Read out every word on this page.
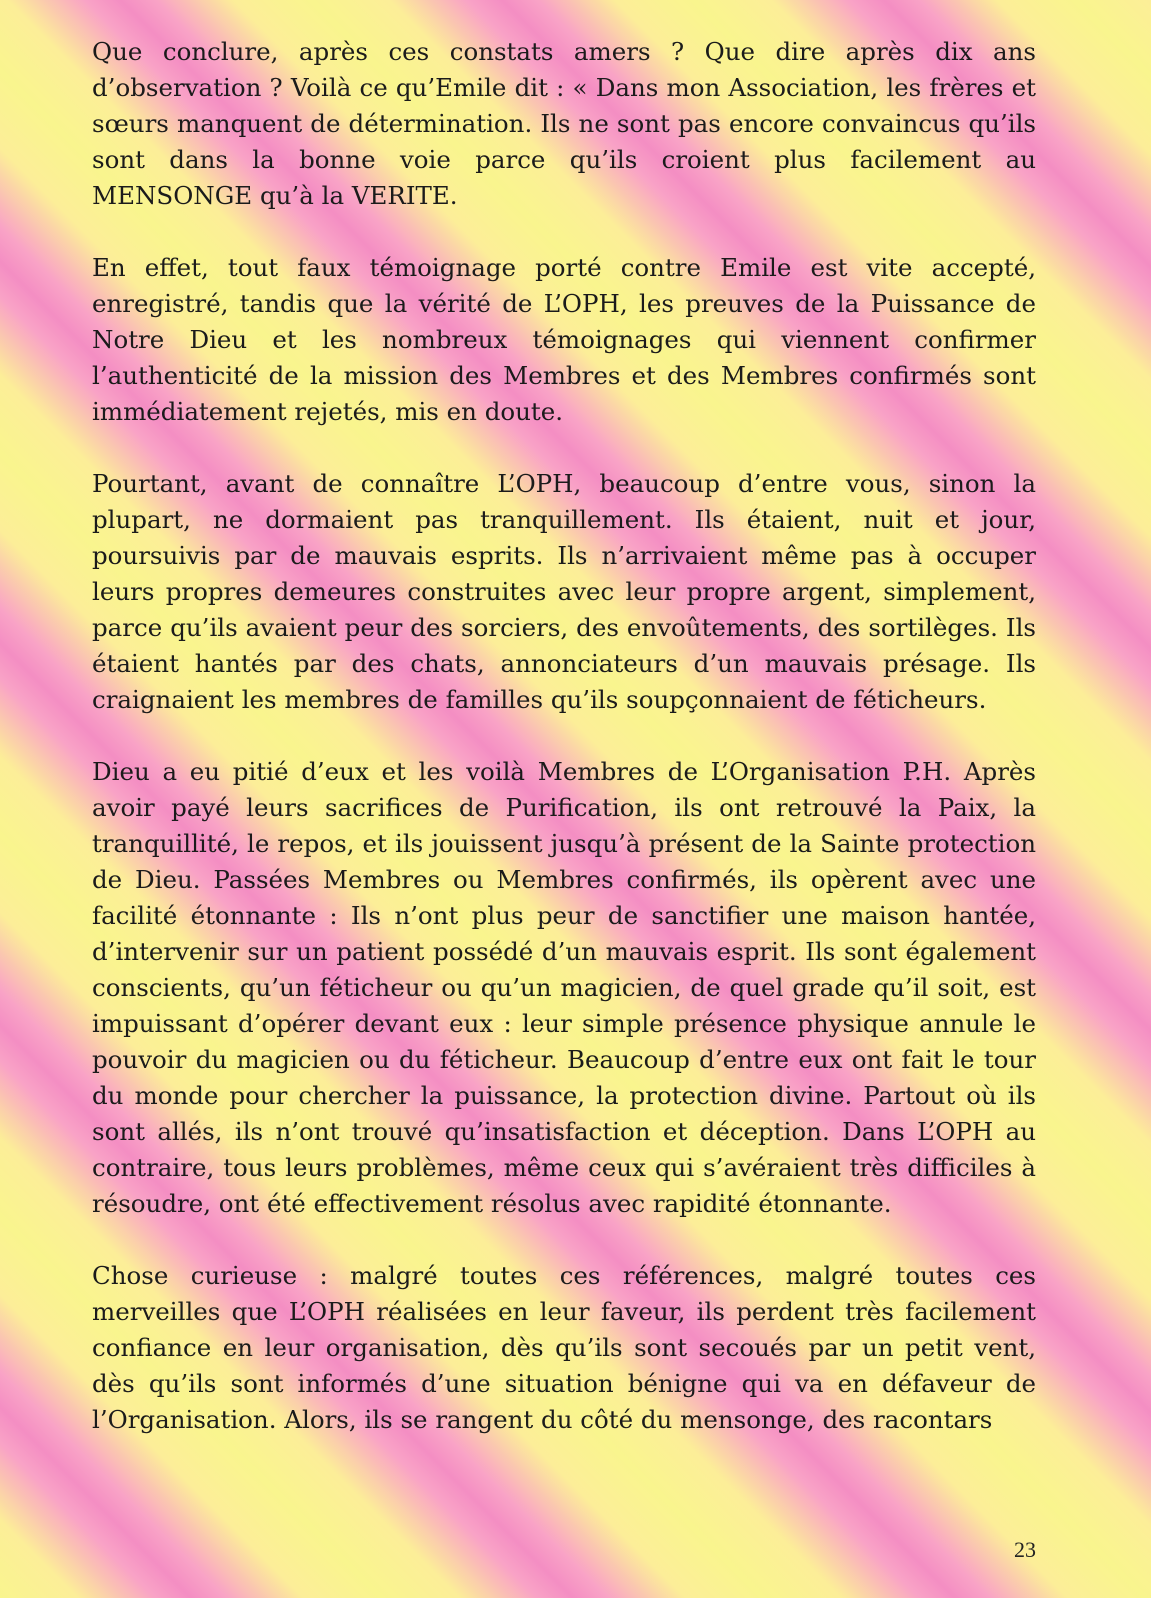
Que conclure, après ces constats amers ? Que dire après dix ans d’observation ? Voilà ce qu’Emile dit : « Dans mon Association, les frères et sœurs manquent de détermination. Ils ne sont pas encore convaincus qu’ils sont dans la bonne voie parce qu’ils croient plus facilement au MENSONGE qu’à la VERITE.

En effet, tout faux témoignage porté contre Emile est vite accepté, enregistré, tandis que la vérité de L’OPH, les preuves de la Puissance de Notre Dieu et les nombreux témoignages qui viennent confirmer l’authenticité de la mission des Membres et des Membres confirmés sont immédiatement rejetés, mis en doute.

Pourtant, avant de connaître L’OPH, beaucoup d’entre vous, sinon la plupart, ne dormaient pas tranquillement. Ils étaient, nuit et jour, poursuivis par de mauvais esprits. Ils n’arrivaient même pas à occuper leurs propres demeures construites avec leur propre argent, simplement, parce qu’ils avaient peur des sorciers, des envoûtements, des sortilèges. Ils étaient hantés par des chats, annonciateurs d’un mauvais présage. Ils craignaient les membres de familles qu’ils soupçonnaient de féticheurs.

Dieu a eu pitié d’eux et les voilà Membres de L’Organisation P.H. Après avoir payé leurs sacrifices de Purification, ils ont retrouvé la Paix, la tranquillité, le repos, et ils jouissent jusqu’à présent de la Sainte protection de Dieu. Passées Membres ou Membres confirmés, ils opèrent avec une facilité étonnante : Ils n’ont plus peur de sanctifier une maison hantée, d’intervenir sur un patient possédé d’un mauvais esprit. Ils sont également conscients, qu’un féticheur ou qu’un magicien, de quel grade qu’il soit, est impuissant d’opérer devant eux : leur simple présence physique annule le pouvoir du magicien ou du féticheur. Beaucoup d’entre eux ont fait le tour du monde pour chercher la puissance, la protection divine. Partout où ils sont allés, ils n’ont trouvé qu’insatisfaction et déception. Dans L’OPH au contraire, tous leurs problèmes, même ceux qui s’avéraient très difficiles à résoudre, ont été effectivement résolus avec rapidité étonnante.

Chose curieuse : malgré toutes ces références, malgré toutes ces merveilles que L’OPH réalisées en leur faveur, ils perdent très facilement confiance en leur organisation, dès qu’ils sont secoués par un petit vent, dès qu’ils sont informés d’une situation bénigne qui va en défaveur de l’Organisation. Alors, ils se rangent du côté du mensonge, des racontars

23
